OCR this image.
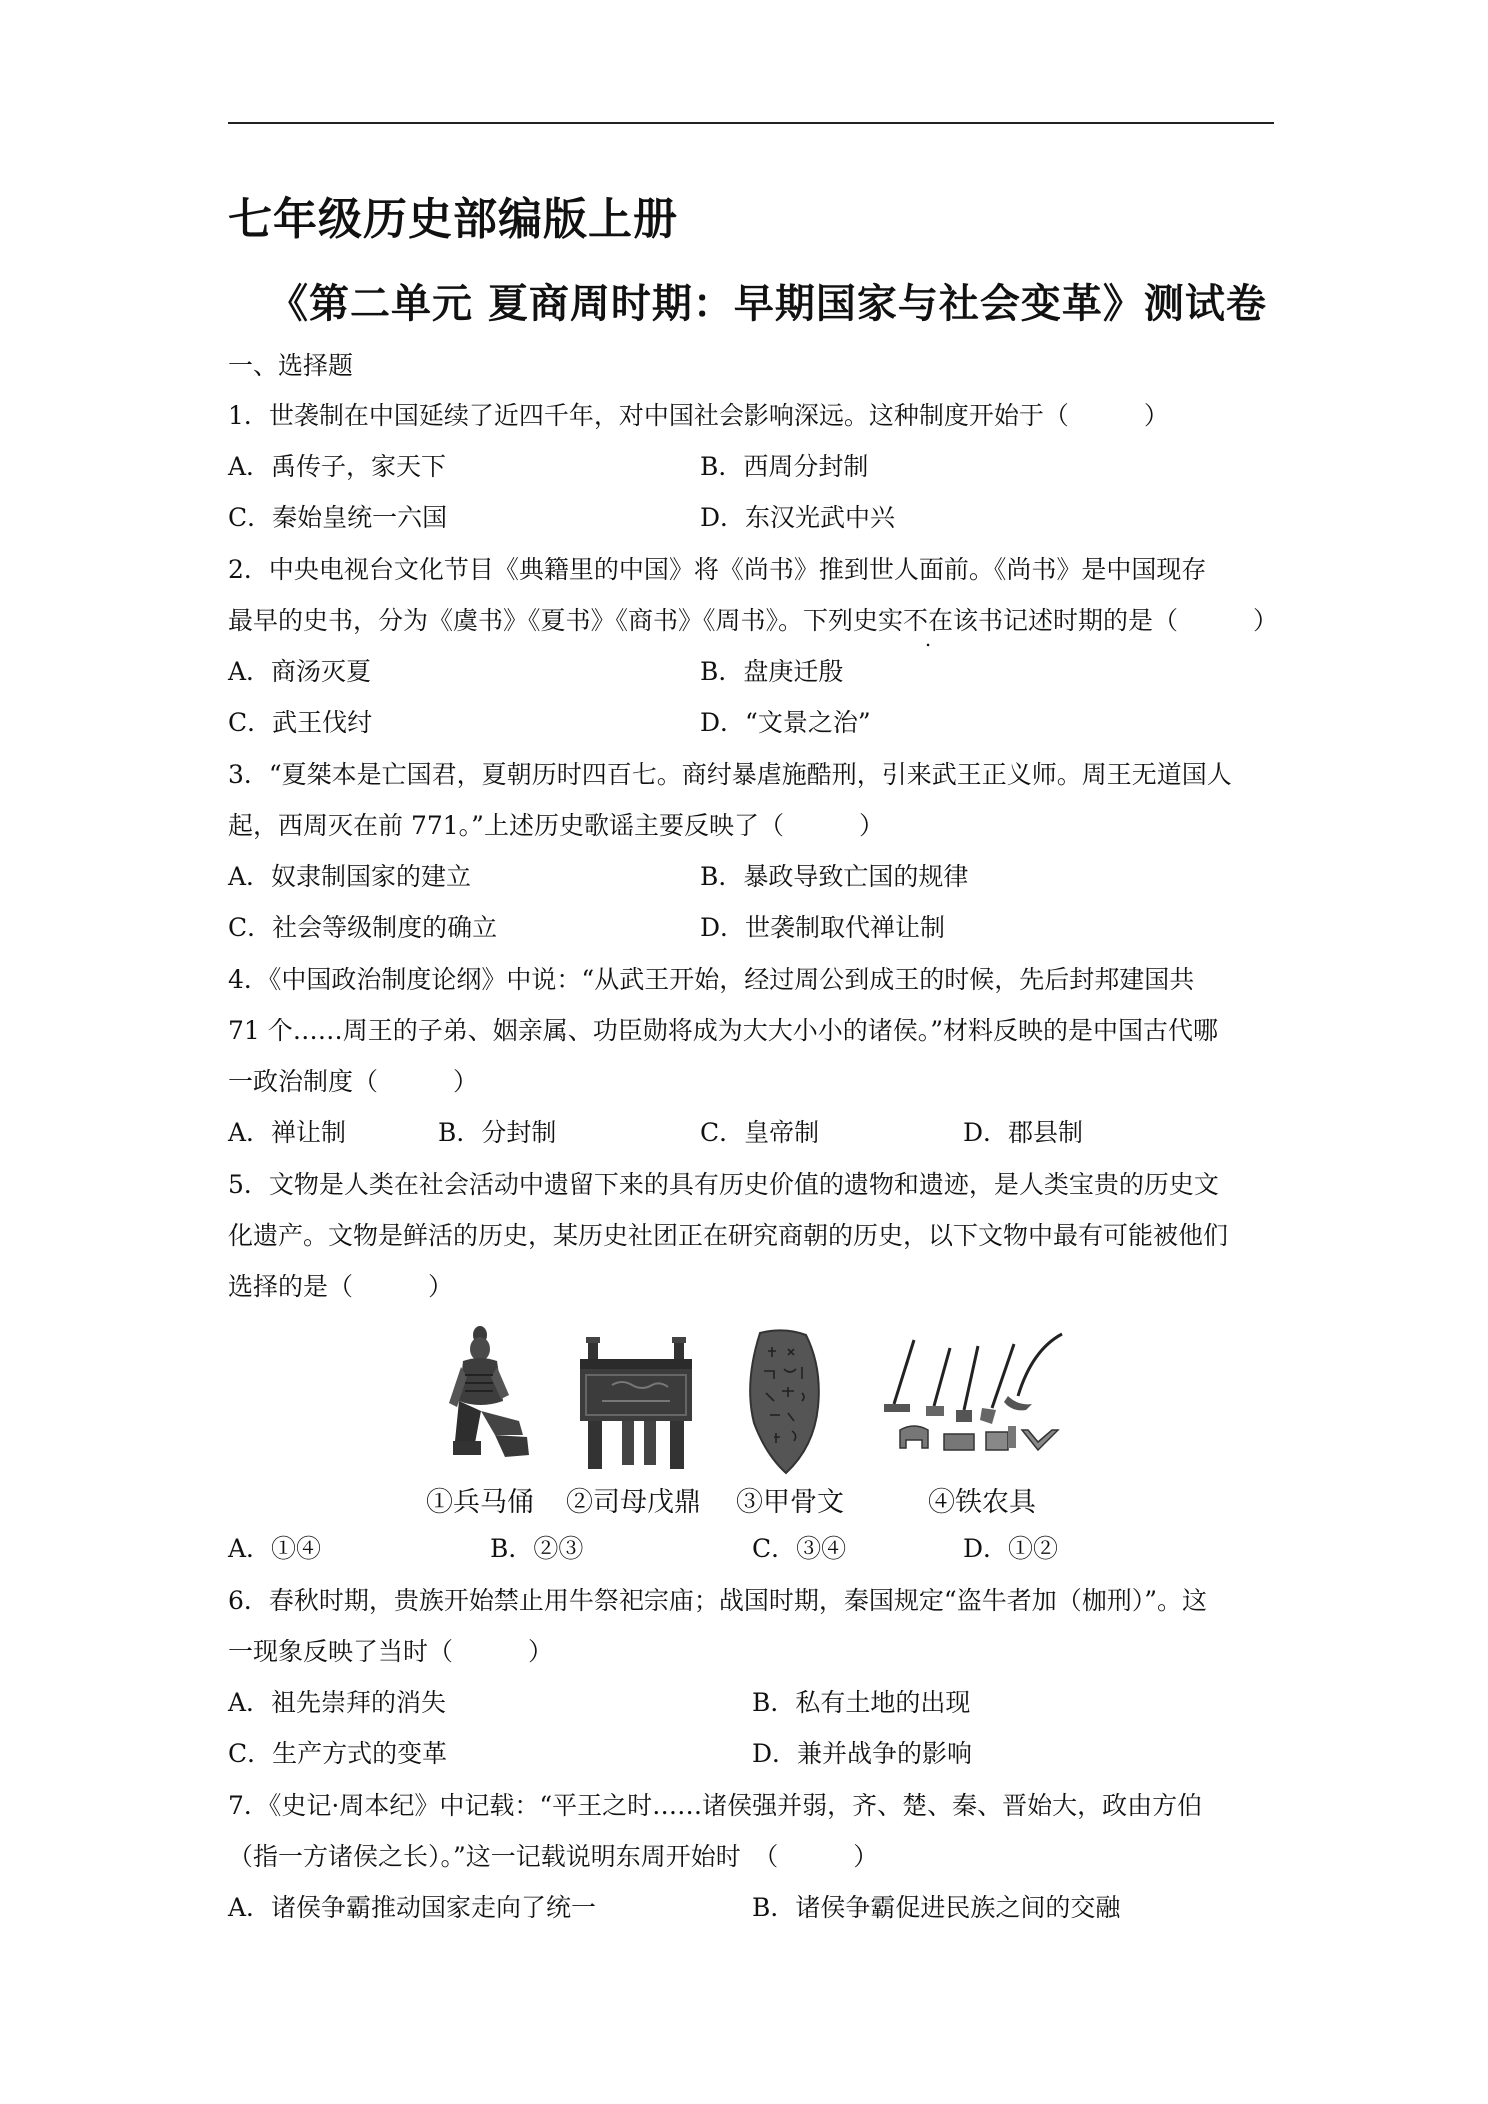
七年级历史部编版上册
《第二单元 夏商周时期：早期国家与社会变革》测试卷
一、选择题
1．世袭制在中国延续了近四千年，对中国社会影响深远。这种制度开始于（　　　）
A．禹传子，家天下	B．西周分封制
C．秦始皇统一六国	D．东汉光武中兴
2．中央电视台文化节目《典籍里的中国》将《尚书》推到世人面前。《尚书》是中国现存
最早的史书，分为《虞书》《夏书》《商书》《周书》。下列史实不在该书记述时期的是（　　　）
A．商汤灭夏	B．盘庚迁殷
C．武王伐纣	D．“文景之治”
3．“夏桀本是亡国君，夏朝历时四百七。商纣暴虐施酷刑，引来武王正义师。周王无道国人
起，西周灭在前 771。”上述历史歌谣主要反映了（　　　）
A．奴隶制国家的建立	B．暴政导致亡国的规律
C．社会等级制度的确立	D．世袭制取代禅让制
4．《中国政治制度论纲》中说：“从武王开始，经过周公到成王的时候，先后封邦建国共
71 个……周王的子弟、姻亲属、功臣勋将成为大大小小的诸侯。”材料反映的是中国古代哪
一政治制度（　　　）
A．禅让制	B．分封制	C．皇帝制	D．郡县制
5．文物是人类在社会活动中遗留下来的具有历史价值的遗物和遗迹，是人类宝贵的历史文
化遗产。文物是鲜活的历史，某历史社团正在研究商朝的历史，以下文物中最有可能被他们
选择的是（　　　）
①兵马俑 ②司母戊鼎 ③甲骨文	④铁农具
A．①④	B．②③	C．③④	D．①②
6．春秋时期，贵族开始禁止用牛祭祀宗庙；战国时期，秦国规定“盗牛者加（枷刑）”。这
一现象反映了当时（　　　）
A．祖先崇拜的消失	B．私有土地的出现
C．生产方式的变革	D．兼并战争的影响
7．《史记·周本纪》中记载：“平王之时……诸侯强并弱，齐、楚、秦、晋始大，政由方伯
（指一方诸侯之长）。”这一记载说明东周开始时　（　　　）
A．诸侯争霸推动国家走向了统一	B．诸侯争霸促进民族之间的交融
